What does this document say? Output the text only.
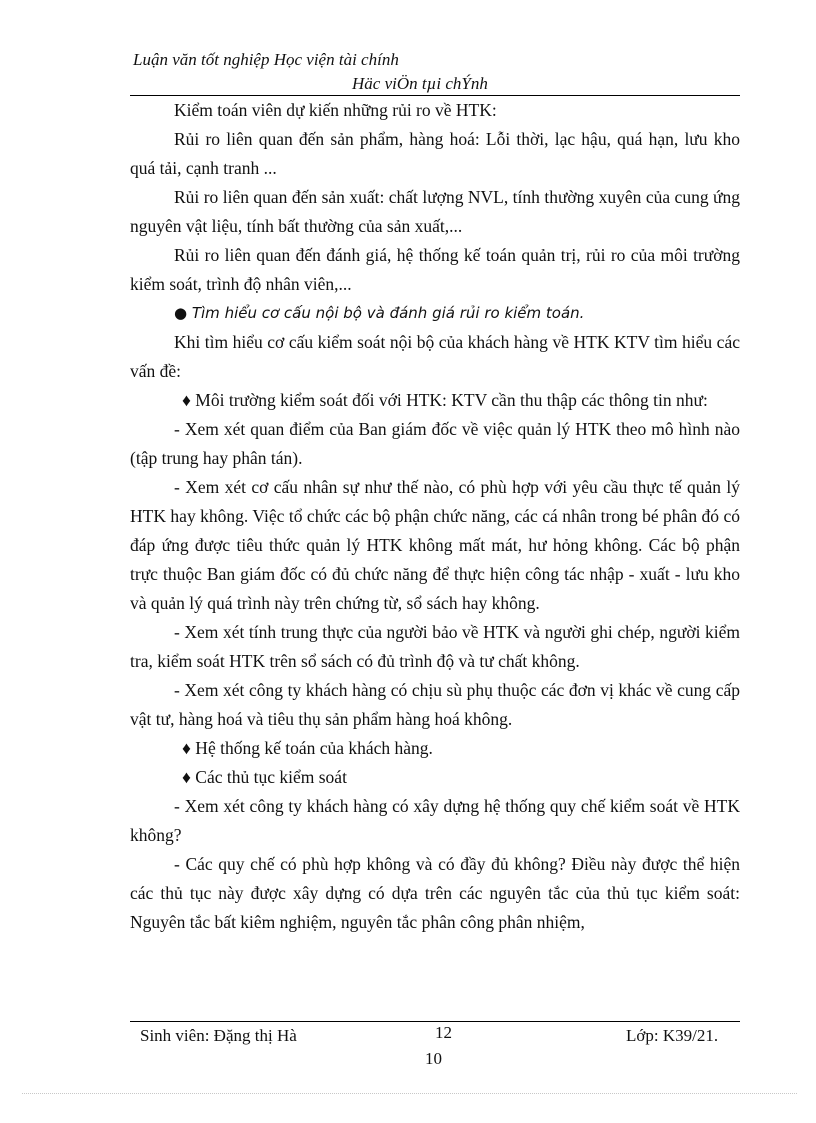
Luận văn tốt nghiệp Học viện tài chính
Häc viÖn tµi chÝnh

Kiểm toán viên dự kiến những rủi ro về HTK:

Rủi ro liên quan đến sản phẩm, hàng hoá: Lỗi thời, lạc hậu, quá hạn, lưu kho quá tải, cạnh tranh ...

Rủi ro liên quan đến sản xuất: chất lượng NVL, tính thường xuyên của cung ứng nguyên vật liệu, tính bất thường của sản xuất,...

Rủi ro liên quan đến đánh giá, hệ thống kế toán quản trị, rủi ro của môi trường kiểm soát, trình độ nhân viên,...

● Tìm hiểu cơ cấu nội bộ và đánh giá rủi ro kiểm toán.

Khi tìm hiểu cơ cấu kiểm soát nội bộ của khách hàng về HTK KTV tìm hiểu các vấn đề:

♦ Môi trường kiểm soát đối với HTK: KTV cần thu thập các thông tin như:

- Xem xét quan điểm của Ban giám đốc về việc quản lý HTK theo mô hình nào (tập trung hay phân tán).

- Xem xét cơ cấu nhân sự như thế nào, có phù hợp với yêu cầu thực tế quản lý HTK hay không. Việc tổ chức các bộ phận chức năng, các cá nhân trong bé phân đó có đáp ứng được tiêu thức quản lý HTK không mất mát, hư hỏng không. Các bộ phận trực thuộc Ban giám đốc có đủ chức năng để thực hiện công tác nhập - xuất - lưu kho và quản lý quá trình này trên chứng từ, sổ sách hay không.

- Xem xét tính trung thực của người bảo về HTK và người ghi chép, người kiểm tra, kiểm soát HTK trên sổ sách có đủ trình độ và tư chất không.

- Xem xét công ty khách hàng có chịu sù phụ thuộc các đơn vị khác về cung cấp vật tư, hàng hoá và tiêu thụ sản phẩm hàng hoá không.

♦ Hệ thống kế toán của khách hàng.

♦ Các thủ tục kiểm soát

- Xem xét công ty khách hàng có xây dựng hệ thống quy chế kiểm soát về HTK không?

- Các quy chế có phù hợp không và có đầy đủ không? Điều này được thể hiện các thủ tục này được xây dựng có dựa trên các nguyên tắc của thủ tục kiểm soát: Nguyên tắc bất kiêm nghiệm, nguyên tắc phân công phân nhiệm,

Sinh viên: Đặng thị Hà	12	Lớp: K39/21.
10
